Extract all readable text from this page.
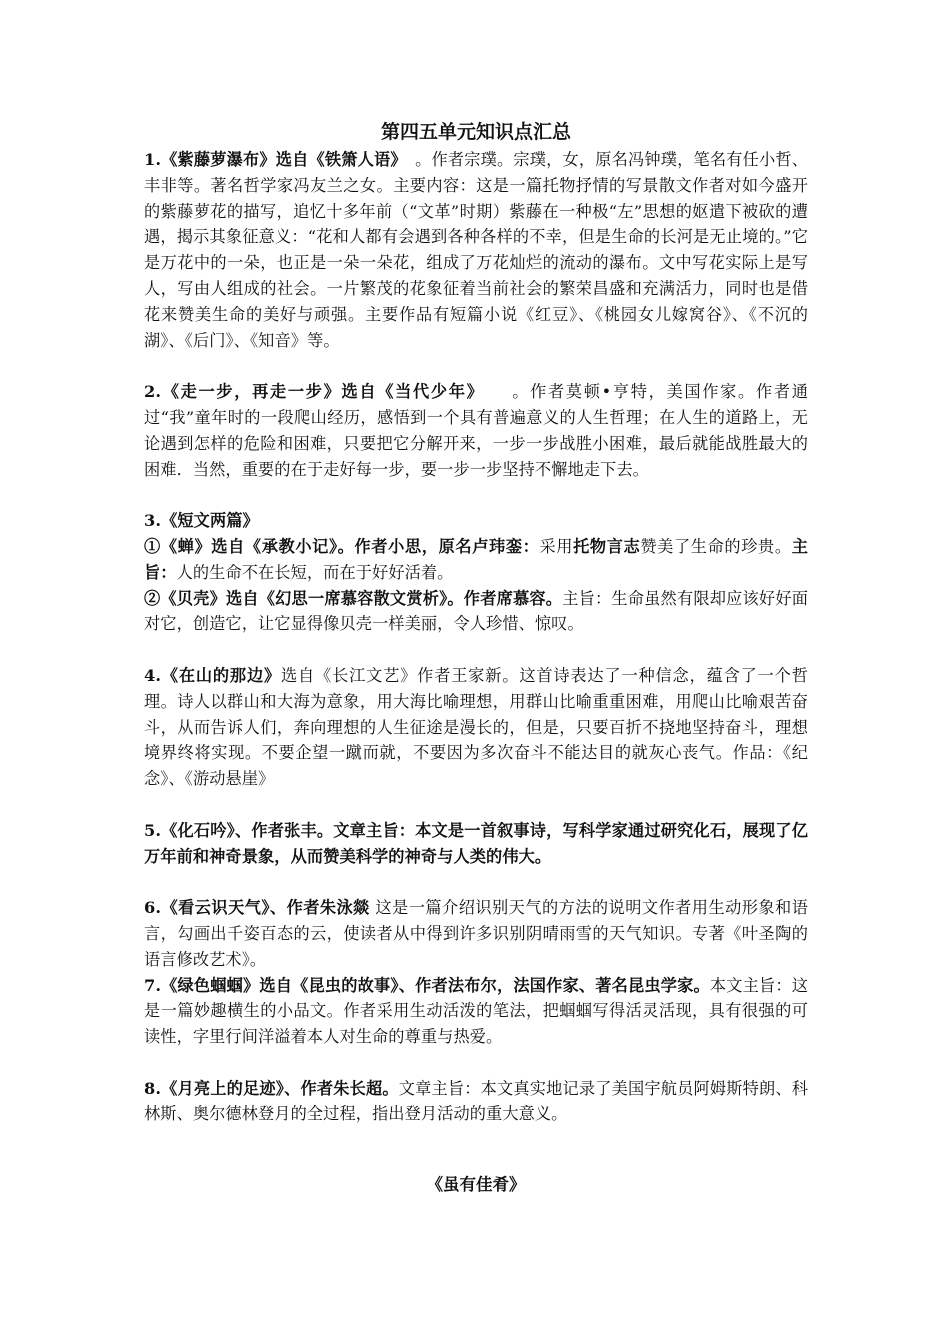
第四五单元知识点汇总

1.《紫藤萝瀑布》选自《铁箫人语》　。作者宗璞。宗璞，女，原名冯钟璞，笔名有任小哲、丰非等。著名哲学家冯友兰之女。主要内容：这是一篇托物抒情的写景散文作者对如今盛开的紫藤萝花的描写，追忆十多年前（“文革”时期）紫藤在一种极“左”思想的妪遣下被砍的遭遇，揭示其象征意义：“花和人都有会遇到各种各样的不幸，但是生命的长河是无止境的。”它是万花中的一朵，也正是一朵一朵花，组成了万花灿烂的流动的瀑布。文中写花实际上是写人，写由人组成的社会。一片繁茂的花象征着当前社会的繁荣昌盛和充满活力，同时也是借花来赞美生命的美好与顽强。主要作品有短篇小说《红豆》、《桃园女儿嫁窝谷》、《不沉的湖》、《后门》、《知音》等。

2.《走一步，再走一步》选自《当代少年》　　。作者莫顿•亨特，美国作家。作者通过“我”童年时的一段爬山经历，感悟到一个具有普遍意义的人生哲理；在人生的道路上，无论遇到怎样的危险和困难，只要把它分解开来，一步一步战胜小困难，最后就能战胜最大的困难．当然，重要的在于走好每一步，要一步一步坚持不懈地走下去。

3.《短文两篇》

①《蝉》选自《承教小记》。作者小思，原名卢玮銮：采用托物言志赞美了生命的珍贵。主旨：人的生命不在长短，而在于好好活着。

②《贝壳》选自《幻思一席慕容散文赏析》。作者席慕容。主旨：生命虽然有限却应该好好面对它，创造它，让它显得像贝壳一样美丽，令人珍惜、惊叹。

4.《在山的那边》选自《长江文艺》作者王家新。这首诗表达了一种信念，蕴含了一个哲理。诗人以群山和大海为意象，用大海比喻理想，用群山比喻重重困难，用爬山比喻艰苦奋斗，从而告诉人们，奔向理想的人生征途是漫长的，但是，只要百折不挠地坚持奋斗，理想境界终将实现。不要企望一蹴而就，不要因为多次奋斗不能达目的就灰心丧气。作品：《纪念》、《游动悬崖》

5.《化石吟》、作者张丰。文章主旨：本文是一首叙事诗，写科学家通过研究化石，展现了亿万年前和神奇景象，从而赞美科学的神奇与人类的伟大。

6.《看云识天气》、作者朱泳燚 这是一篇介绍识别天气的方法的说明文作者用生动形象和语言，勾画出千姿百态的云，使读者从中得到许多识别阴晴雨雪的天气知识。专著《叶圣陶的语言修改艺术》。

7.《绿色蝈蝈》选自《昆虫的故事》、作者法布尔，法国作家、著名昆虫学家。本文主旨：这是一篇妙趣横生的小品文。作者采用生动活泼的笔法，把蝈蝈写得活灵活现，具有很强的可读性，字里行间洋溢着本人对生命的尊重与热爱。

8.《月亮上的足迹》、作者朱长超。文章主旨：本文真实地记录了美国宇航员阿姆斯特朗、科林斯、奥尔德林登月的全过程，指出登月活动的重大意义。

《虽有佳肴》
